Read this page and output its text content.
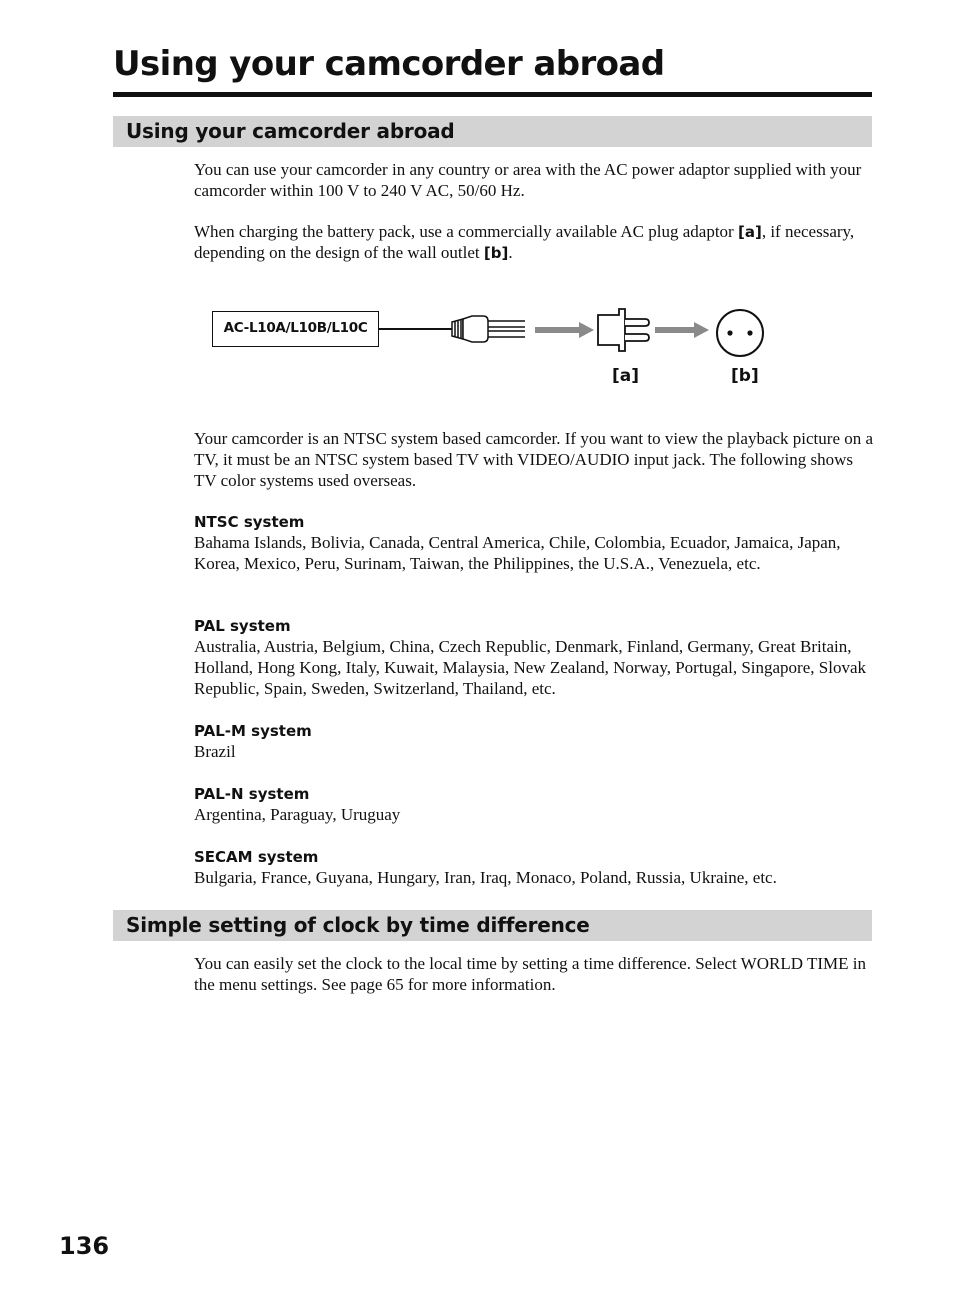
Using your camcorder abroad
Using your camcorder abroad

You can use your camcorder in any country or area with the AC power adaptor supplied with your camcorder within 100 V to 240 V AC, 50/60 Hz.

When charging the battery pack, use a commercially available AC plug adaptor [a], if necessary, depending on the design of the wall outlet [b].

AC-L10A/L10B/L10C
[a]	[b]

Your camcorder is an NTSC system based camcorder. If you want to view the playback picture on a TV, it must be an NTSC system based TV with VIDEO/AUDIO input jack. The following shows TV color systems used overseas.

NTSC system

Bahama Islands, Bolivia, Canada, Central America, Chile, Colombia, Ecuador, Jamaica, Japan, Korea, Mexico, Peru, Surinam, Taiwan, the Philippines, the U.S.A., Venezuela, etc.

PAL system

Australia, Austria, Belgium, China, Czech Republic, Denmark, Finland, Germany, Great Britain, Holland, Hong Kong, Italy, Kuwait, Malaysia, New Zealand, Norway, Portugal, Singapore, Slovak Republic, Spain, Sweden, Switzerland, Thailand, etc.

PAL-M system

Brazil

PAL-N system

Argentina, Paraguay, Uruguay

SECAM system

Bulgaria, France, Guyana, Hungary, Iran, Iraq, Monaco, Poland, Russia, Ukraine, etc.

Simple setting of clock by time difference

You can easily set the clock to the local time by setting a time difference. Select WORLD TIME in the menu settings. See page 65 for more information.

136
